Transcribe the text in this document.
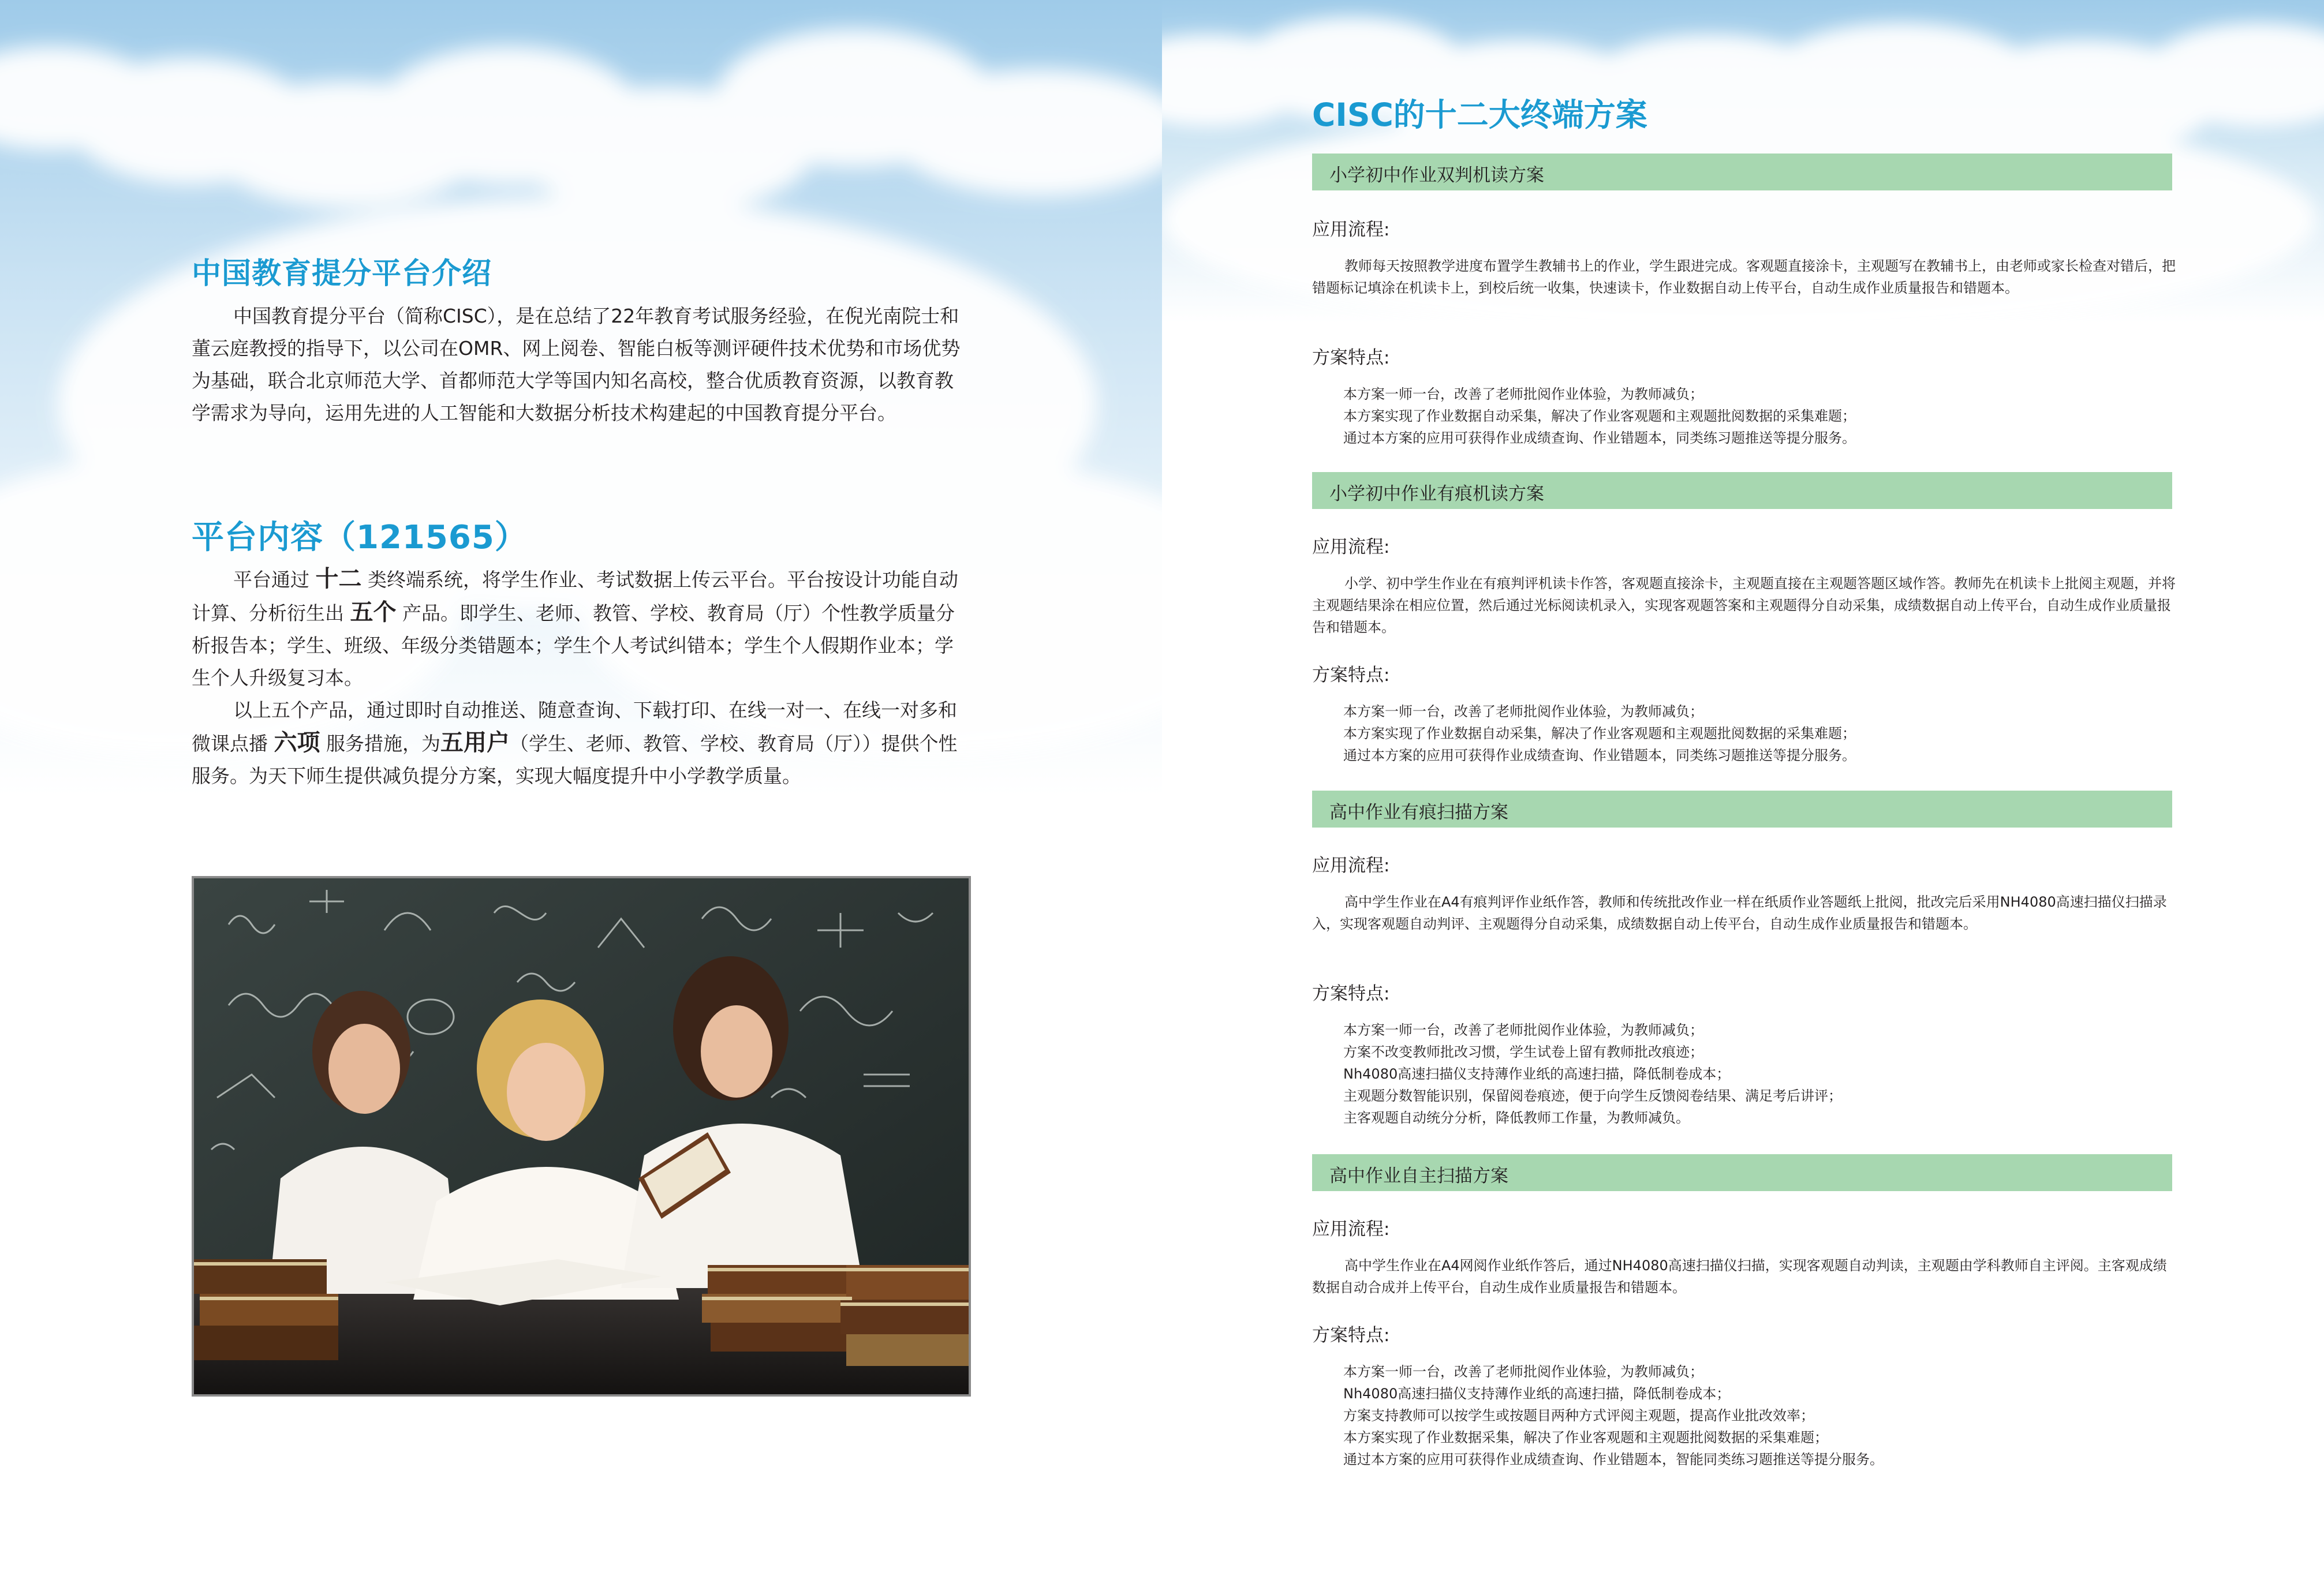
中国教育提分平台介绍

中国教育提分平台（简称CISC），是在总结了22年教育考试服务经验，在倪光南院士和董云庭教授的指导下，以公司在OMR、网上阅卷、智能白板等测评硬件技术优势和市场优势为基础，联合北京师范大学、首都师范大学等国内知名高校，整合优质教育资源，以教育教学需求为导向，运用先进的人工智能和大数据分析技术构建起的中国教育提分平台。

平台内容（121565）

平台通过 十二 类终端系统，将学生作业、考试数据上传云平台。平台按设计功能自动计算、分析衍生出 五个 产品。即学生、老师、教管、学校、教育局（厅）个性教学质量分析报告本；学生、班级、年级分类错题本；学生个人考试纠错本；学生个人假期作业本；学生个人升级复习本。

以上五个产品，通过即时自动推送、随意查询、下载打印、在线一对一、在线一对多和微课点播 六项 服务措施，为五用户（学生、老师、教管、学校、教育局（厅））提供个性服务。为天下师生提供减负提分方案，实现大幅度提升中小学教学质量。

CISC的十二大终端方案
小学初中作业双判机读方案
应用流程:
教师每天按照教学进度布置学生教辅书上的作业，学生跟进完成。客观题直接涂卡，主观题写在教辅书上，由老师或家长检查对错后，把错题标记填涂在机读卡上，到校后统一收集，快速读卡，作业数据自动上传平台，自动生成作业质量报告和错题本。
方案特点:
本方案一师一台，改善了老师批阅作业体验，为教师减负；
本方案实现了作业数据自动采集，解决了作业客观题和主观题批阅数据的采集难题；
通过本方案的应用可获得作业成绩查询、作业错题本，同类练习题推送等提分服务。
小学初中作业有痕机读方案
应用流程:
小学、初中学生作业在有痕判评机读卡作答，客观题直接涂卡，主观题直接在主观题答题区域作答。教师先在机读卡上批阅主观题，并将主观题结果涂在相应位置，然后通过光标阅读机录入，实现客观题答案和主观题得分自动采集，成绩数据自动上传平台，自动生成作业质量报告和错题本。
方案特点:
本方案一师一台，改善了老师批阅作业体验，为教师减负；
本方案实现了作业数据自动采集，解决了作业客观题和主观题批阅数据的采集难题；
通过本方案的应用可获得作业成绩查询、作业错题本，同类练习题推送等提分服务。
高中作业有痕扫描方案
应用流程:
高中学生作业在A4有痕判评作业纸作答，教师和传统批改作业一样在纸质作业答题纸上批阅，批改完后采用NH4080高速扫描仪扫描录入，实现客观题自动判评、主观题得分自动采集，成绩数据自动上传平台，自动生成作业质量报告和错题本。
方案特点:
本方案一师一台，改善了老师批阅作业体验，为教师减负；
方案不改变教师批改习惯，学生试卷上留有教师批改痕迹；
Nh4080高速扫描仪支持薄作业纸的高速扫描，降低制卷成本；
主观题分数智能识别，保留阅卷痕迹，便于向学生反馈阅卷结果、满足考后讲评；
主客观题自动统分分析，降低教师工作量，为教师减负。
高中作业自主扫描方案
应用流程:
高中学生作业在A4网阅作业纸作答后，通过NH4080高速扫描仪扫描，实现客观题自动判读，主观题由学科教师自主评阅。主客观成绩数据自动合成并上传平台，自动生成作业质量报告和错题本。
方案特点:
本方案一师一台，改善了老师批阅作业体验，为教师减负；
Nh4080高速扫描仪支持薄作业纸的高速扫描，降低制卷成本；
方案支持教师可以按学生或按题目两种方式评阅主观题，提高作业批改效率；
本方案实现了作业数据采集，解决了作业客观题和主观题批阅数据的采集难题；
通过本方案的应用可获得作业成绩查询、作业错题本，智能同类练习题推送等提分服务。
